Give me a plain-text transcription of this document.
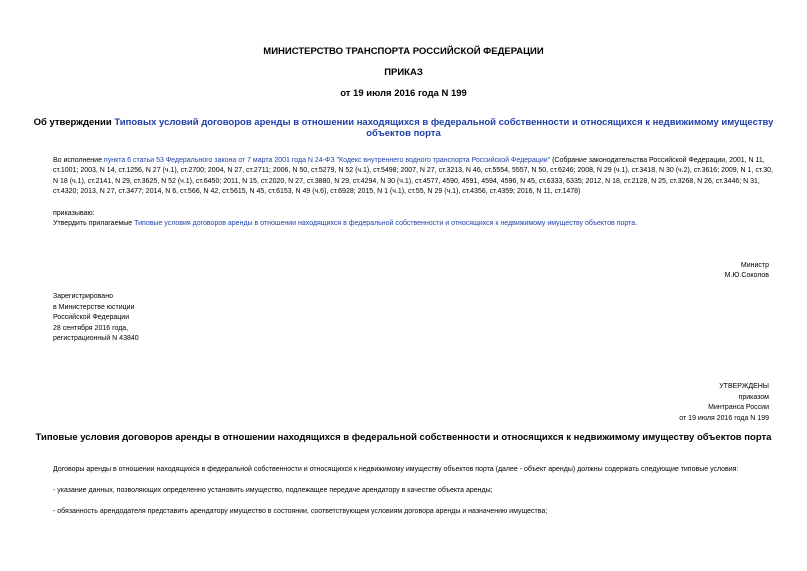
МИНИСТЕРСТВО ТРАНСПОРТА РОССИЙСКОЙ ФЕДЕРАЦИИ
ПРИКАЗ
от 19 июля 2016 года N 199
Об утверждении Типовых условий договоров аренды в отношении находящихся в федеральной собственности и относящихся к недвижимому имуществу
объектов порта
Во исполнение пункта 6 статьи 53 Федерального закона от 7 марта 2001 года N 24-ФЗ "Кодекс внутреннего водного транспорта Российской Федерации" (Собрание законодательства Российской Федерации, 2001, N 11, ст.1001; 2003, N 14, ст.1256, N 27 (ч.1), ст.2700; 2004, N 27, ст.2711; 2006, N 50, ст.5279, N 52 (ч.1), ст.5498; 2007, N 27, ст.3213, N 46, ст.5554, 5557, N 50, ст.6246; 2008, N 29 (ч.1), ст.3418, N 30 (ч.2), ст.3616; 2009, N 1, ст.30, N 18 (ч.1), ст.2141, N 29, ст.3625, N 52 (ч.1), ст.6450; 2011, N 15, ст.2020, N 27, ст.3880, N 29, ст.4294, N 30 (ч.1), ст.4577, 4590, 4591, 4594, 4596, N 45, ст.6333, 6335; 2012, N 18, ст.2128, N 25, ст.3268, N 26, ст.3446; N 31, ст.4320; 2013, N 27, ст.3477; 2014, N 6, ст.566, N 42, ст.5615, N 45, ст.6153, N 49 (ч.6), ст.6928; 2015, N 1 (ч.1), ст.55, N 29 (ч.1), ст.4356, ст.4359; 2016, N 11, ст.1478)
приказываю:
Утвердить прилагаемые Типовые условия договоров аренды в отношении находящихся в федеральной собственности и относящихся к недвижимому имуществу объектов порта.
Министр
М.Ю.Соколов
Зарегистрировано
в Министерстве юстиции
Российской Федерации
28 сентября 2016 года,
регистрационный N 43840
УТВЕРЖДЕНЫ
приказом
Минтранса России
от 19 июля 2016 года N 199
Типовые условия договоров аренды в отношении находящихся в федеральной собственности и относящихся к недвижимому имуществу объектов порта
Договоры аренды в отношении находящихся в федеральной собственности и относящихся к недвижимому имуществу объектов порта (далее - объект аренды) должны содержать следующие типовые условия:
- указание данных, позволяющих определенно установить имущество, подлежащее передаче арендатору в качестве объекта аренды;
- обязанность арендодателя представить арендатору имущество в состоянии, соответствующем условиям договора аренды и назначению имущества;
